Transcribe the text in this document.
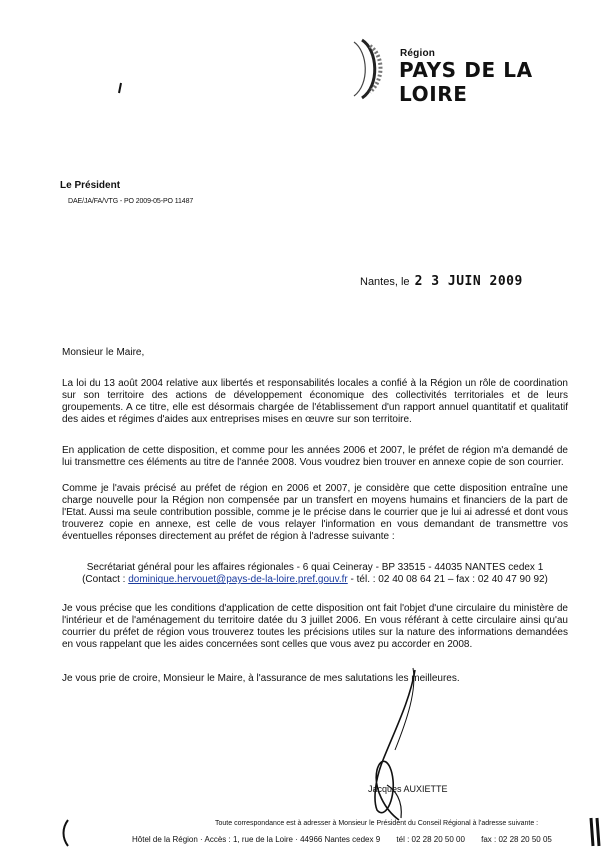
Région
PAYS DE LA LOIRE
Le Président
DAE/JA/FA/VTG - PO 2009-05-PO 11487
Nantes, le 2 3 JUIN 2009
Monsieur le Maire,

La loi du 13 août 2004 relative aux libertés et responsabilités locales a confié à la Région un rôle de coordination sur son territoire des actions de développement économique des collectivités territoriales et de leurs groupements. A ce titre, elle est désormais chargée de l'établissement d'un rapport annuel quantitatif et qualitatif des aides et régimes d'aides aux entreprises mises en œuvre sur son territoire.

En application de cette disposition, et comme pour les années 2006 et 2007, le préfet de région m'a demandé de lui transmettre ces éléments au titre de l'année 2008. Vous voudrez bien trouver en annexe copie de son courrier.

Comme je l'avais précisé au préfet de région en 2006 et 2007, je considère que cette disposition entraîne une charge nouvelle pour la Région non compensée par un transfert en moyens humains et financiers de la part de l'Etat. Aussi ma seule contribution possible, comme je le précise dans le courrier que je lui ai adressé et dont vous trouverez copie en annexe, est celle de vous relayer l'information en vous demandant de transmettre vos éventuelles réponses directement au préfet de région à l'adresse suivante :

Secrétariat général pour les affaires régionales - 6 quai Ceineray - BP 33515 - 44035 NANTES cedex 1
(Contact : dominique.hervouet@pays-de-la-loire.pref.gouv.fr - tél. : 02 40 08 64 21 – fax : 02 40 47 90 92)

Je vous précise que les conditions d'application de cette disposition ont fait l'objet d'une circulaire du ministère de l'intérieur et de l'aménagement du territoire datée du 3 juillet 2006. En vous référant à cette circulaire ainsi qu'au courrier du préfet de région vous trouverez toutes les précisions utiles sur la nature des informations demandées en vous rappelant que les aides concernées sont celles que vous avez pu accorder en 2008.

Je vous prie de croire, Monsieur le Maire, à l'assurance de mes salutations les meilleures.

Jacques AUXIETTE
Toute correspondance est à adresser à Monsieur le Président du Conseil Régional à l'adresse suivante :
Hôtel de la Région · Accès : 1, rue de la Loire · 44966 Nantes cedex 9 tél : 02 28 20 50 00 fax : 02 28 20 50 05
